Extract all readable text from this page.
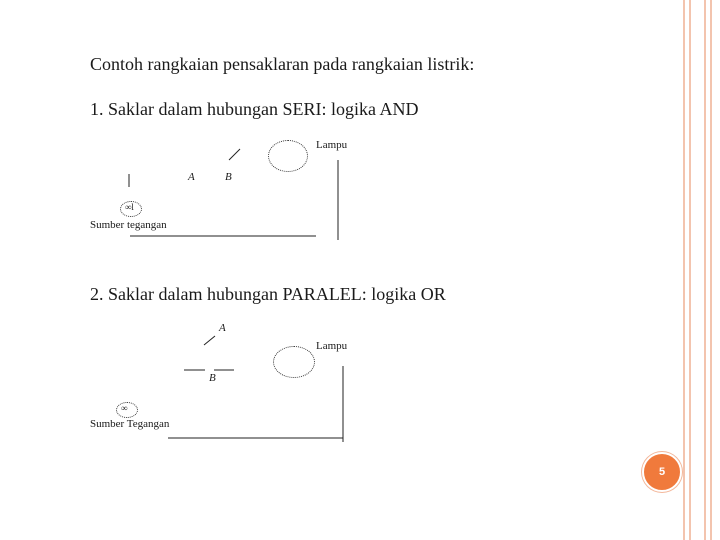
Contoh rangkaian pensaklaran pada rangkaian listrik:
1. Saklar dalam hubungan SERI: logika AND
Lampu
A	B
∞l
Sumber tegangan
2. Saklar dalam hubungan PARALEL: logika OR
A
Lampu
B
∞
Sumber Tegangan
5
